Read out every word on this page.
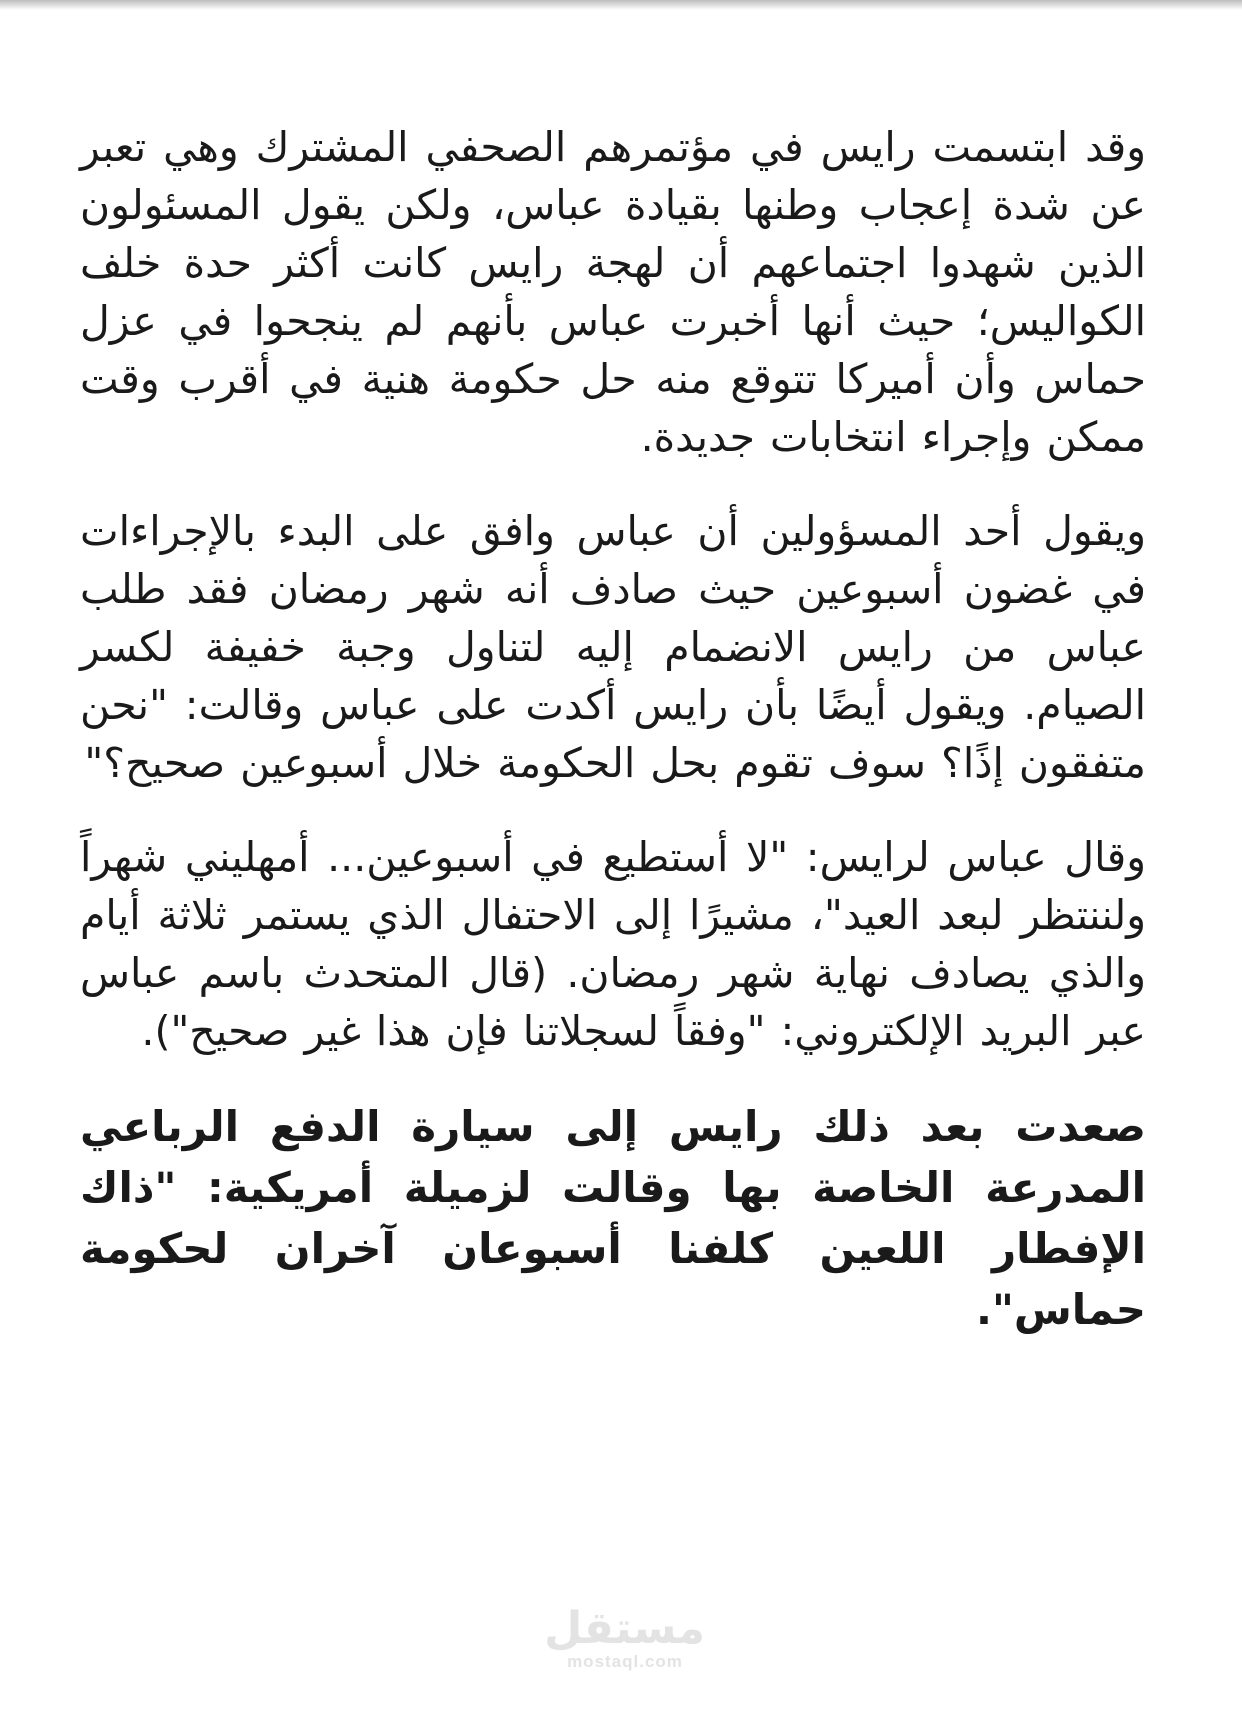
وقد ابتسمت رايس في مؤتمرهم الصحفي المشترك وهي تعبر عن شدة إعجاب وطنها بقيادة عباس، ولكن يقول المسئولون الذين شهدوا اجتماعهم أن لهجة رايس كانت أكثر حدة خلف الكواليس؛ حيث أنها أخبرت عباس بأنهم لم ينجحوا في عزل حماس وأن أميركا تتوقع منه حل حكومة هنية في أقرب وقت ممكن وإجراء انتخابات جديدة.

ويقول أحد المسؤولين أن عباس وافق على البدء بالإجراءات في غضون أسبوعين حيث صادف أنه شهر رمضان فقد طلب عباس من رايس الانضمام إليه لتناول وجبة خفيفة لكسر الصيام. ويقول أيضًا بأن رايس أكدت على عباس وقالت: "نحن متفقون إذًا؟ سوف تقوم بحل الحكومة خلال أسبوعين صحيح؟"

وقال عباس لرايس: "لا أستطيع في أسبوعين... أمهليني شهراً ولننتظر لبعد العيد"، مشيرًا إلى الاحتفال الذي يستمر ثلاثة أيام والذي يصادف نهاية شهر رمضان. (قال المتحدث باسم عباس عبر البريد الإلكتروني: "وفقاً لسجلاتنا فإن هذا غير صحيح").

صعدت بعد ذلك رايس إلى سيارة الدفع الرباعي المدرعة الخاصة بها وقالت لزميلة أمريكية: "ذاك الإفطار اللعين كلفنا أسبوعان آخران لحكومة حماس".

مستقل
mostaql.com
